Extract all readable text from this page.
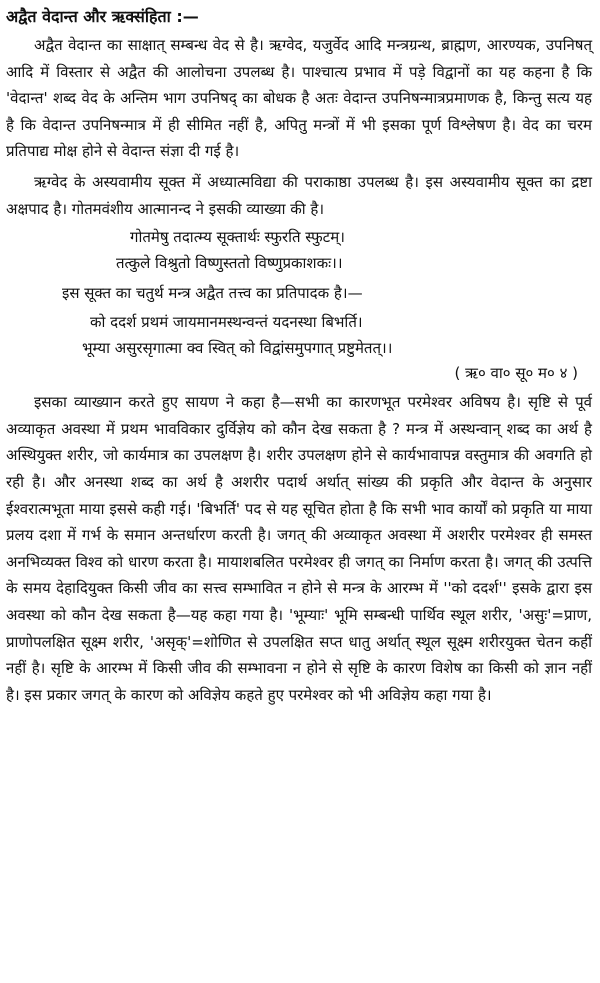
अद्वैत वेदान्त और ऋक्संहिता :—

अद्वैत वेदान्त का साक्षात् सम्बन्ध वेद से है। ऋग्वेद, यजुर्वेद आदि मन्त्रग्रन्थ, ब्राह्मण, आरण्यक, उपनिषत् आदि में विस्तार से अद्वैत की आलोचना उपलब्ध है। पाश्चात्य प्रभाव में पड़े विद्वानों का यह कहना है कि 'वेदान्त' शब्द वेद के अन्तिम भाग उपनिषद् का बोधक है अतः वेदान्त उपनिषन्मात्रप्रमाणक है, किन्तु सत्य यह है कि वेदान्त उपनिषन्मात्र में ही सीमित नहीं है, अपितु मन्त्रों में भी इसका पूर्ण विश्लेषण है। वेद का चरम प्रतिपाद्य मोक्ष होने से वेदान्त संज्ञा दी गई है।

ऋग्वेद के अस्यवामीय सूक्त में अध्यात्मविद्या की पराकाष्ठा उपलब्ध है। इस अस्यवामीय सूक्त का द्रष्टा अक्षपाद है। गोतमवंशीय आत्मानन्द ने इसकी व्याख्या की है।

गोतमेषु तदात्म्य सूक्तार्थः स्फुरति स्फुटम्।

तत्कुले विश्रुतो विष्णुस्ततो विष्णुप्रकाशकः।।

इस सूक्त का चतुर्थ मन्त्र अद्वैत तत्त्व का प्रतिपादक है।—

को ददर्श प्रथमं जायमानमस्थन्वन्तं यदनस्था बिभर्ति।

भूम्या असुरसृगात्मा क्व स्वित् को विद्वांसमुपगात् प्रष्टुमेतत्।।

( ऋ० वा० सू० म० ४ )

इसका व्याख्यान करते हुए सायण ने कहा है—सभी का कारणभूत परमेश्वर अविषय है। सृष्टि से पूर्व अव्याकृत अवस्था में प्रथम भावविकार दुर्विज्ञेय को कौन देख सकता है ? मन्त्र में अस्थन्वान् शब्द का अर्थ है अस्थियुक्त शरीर, जो कार्यमात्र का उपलक्षण है। शरीर उपलक्षण होने से कार्यभावापन्न वस्तुमात्र की अवगति हो रही है। और अनस्था शब्द का अर्थ है अशरीर पदार्थ अर्थात् सांख्य की प्रकृति और वेदान्त के अनुसार ईश्वरात्मभूता माया इससे कही गई। 'बिभर्ति' पद से यह सूचित होता है कि सभी भाव कार्यों को प्रकृति या माया प्रलय दशा में गर्भ के समान अन्तर्धारण करती है। जगत् की अव्याकृत अवस्था में अशरीर परमेश्वर ही समस्त अनभिव्यक्त विश्व को धारण करता है। मायाशबलित परमेश्वर ही जगत् का निर्माण करता है। जगत् की उत्पत्ति के समय देहादियुक्त किसी जीव का सत्त्व सम्भावित न होने से मन्त्र के आरम्भ में ''को ददर्श'' इसके द्वारा इस अवस्था को कौन देख सकता है—यह कहा गया है। 'भूम्याः' भूमि सम्बन्धी पार्थिव स्थूल शरीर, 'असुः'=प्राण, प्राणोपलक्षित सूक्ष्म शरीर, 'असृक्'=शोणित से उपलक्षित सप्त धातु अर्थात् स्थूल सूक्ष्म शरीरयुक्त चेतन कहीं नहीं है। सृष्टि के आरम्भ में किसी जीव की सम्भावना न होने से सृष्टि के कारण विशेष का किसी को ज्ञान नहीं है। इस प्रकार जगत् के कारण को अविज्ञेय कहते हुए परमेश्वर को भी अविज्ञेय कहा गया है।
